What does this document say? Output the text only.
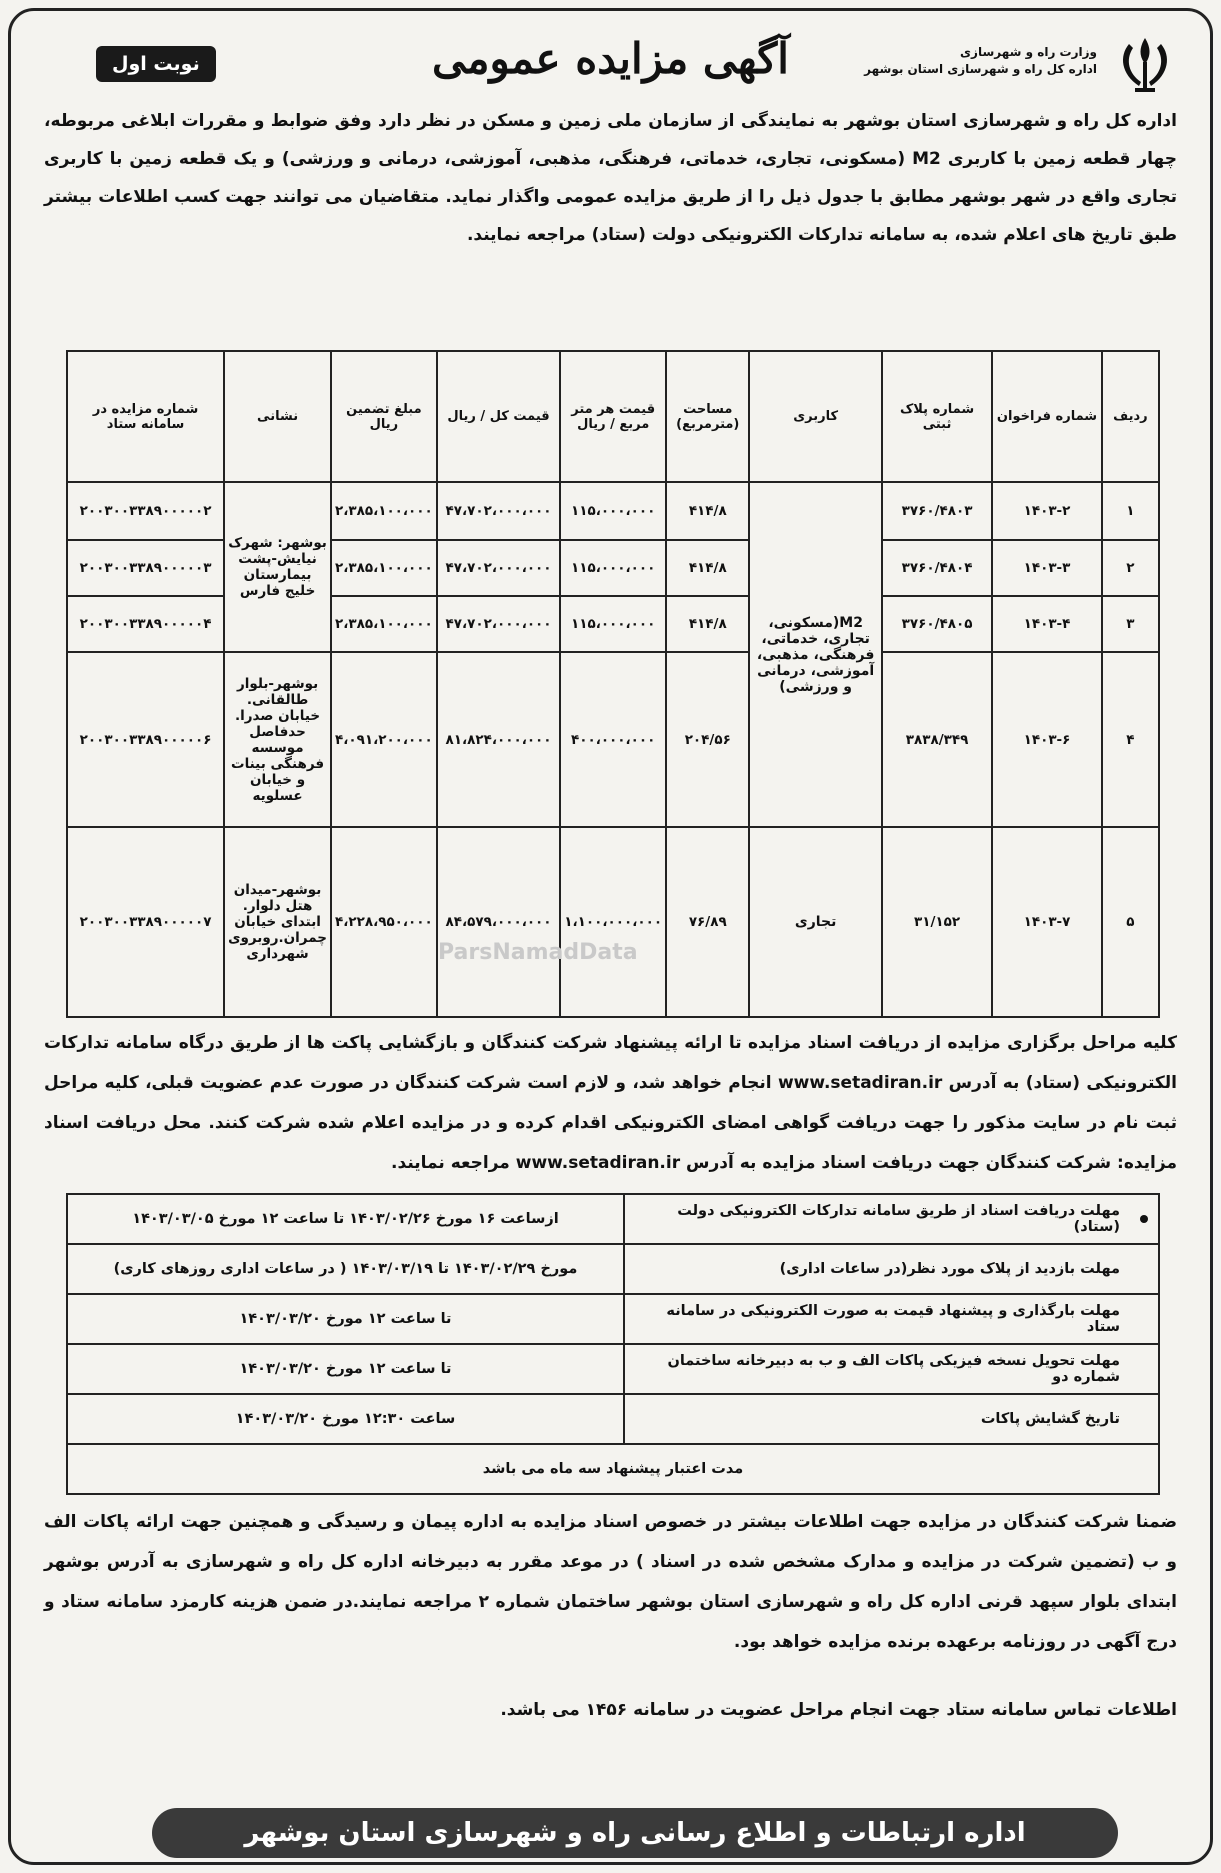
وزارت راه و شهرسازی
اداره کل راه و شهرسازی استان بوشهر
آگهی مزایده عمومی
نوبت اول
اداره کل راه و شهرسازی استان بوشهر به نمایندگی از سازمان ملی زمین و مسکن در نظر دارد وفق ضوابط و مقررات ابلاغی مربوطه، چهار قطعه زمین با کاربری M2 (مسکونی، تجاری، خدماتی، فرهنگی، مذهبی، آموزشی، درمانی و ورزشی) و یک قطعه زمین با کاربری تجاری واقع در شهر بوشهر مطابق با جدول ذیل را از طریق مزایده عمومی واگذار نماید. متقاضیان می توانند جهت کسب اطلاعات بیشتر طبق تاریخ های اعلام شده، به سامانه تدارکات الکترونیکی دولت (ستاد) مراجعه نمایند.
ردیف	شماره فراخوان	شماره پلاک ثبتی	کاربری	مساحت (مترمربع)	قیمت هر متر مربع / ریال	قیمت کل / ریال	مبلغ تضمین ریال	نشانی	شماره مزایده در سامانه ستاد
۱	۱۴۰۳-۲	۳۷۶۰/۴۸۰۳	M2(مسکونی، تجاری، خدماتی، فرهنگی، مذهبی، آموزشی، درمانی و ورزشی)	۴۱۴/۸	۱۱۵،۰۰۰،۰۰۰	۴۷،۷۰۲،۰۰۰،۰۰۰	۲،۳۸۵،۱۰۰،۰۰۰	بوشهر: شهرک نیایش-پشت بیمارستان خلیج فارس	۲۰۰۳۰۰۳۳۸۹۰۰۰۰۰۲
۲	۱۴۰۳-۳	۳۷۶۰/۴۸۰۴		۴۱۴/۸	۱۱۵،۰۰۰،۰۰۰	۴۷،۷۰۲،۰۰۰،۰۰۰	۲،۳۸۵،۱۰۰،۰۰۰		۲۰۰۳۰۰۳۳۸۹۰۰۰۰۰۳
۳	۱۴۰۳-۴	۳۷۶۰/۴۸۰۵		۴۱۴/۸	۱۱۵،۰۰۰،۰۰۰	۴۷،۷۰۲،۰۰۰،۰۰۰	۲،۳۸۵،۱۰۰،۰۰۰		۲۰۰۳۰۰۳۳۸۹۰۰۰۰۰۴
۴	۱۴۰۳-۶	۳۸۳۸/۳۴۹		۲۰۴/۵۶	۴۰۰،۰۰۰،۰۰۰	۸۱،۸۲۴،۰۰۰،۰۰۰	۴،۰۹۱،۲۰۰،۰۰۰	بوشهر-بلوار طالقانی. خیابان صدرا. حدفاصل موسسه فرهنگی بینات و خیابان عسلویه	۲۰۰۳۰۰۳۳۸۹۰۰۰۰۰۶
۵	۱۴۰۳-۷	۳۱/۱۵۲	تجاری	۷۶/۸۹	۱،۱۰۰،۰۰۰،۰۰۰	۸۴،۵۷۹،۰۰۰،۰۰۰	۴،۲۲۸،۹۵۰،۰۰۰	بوشهر-میدان هتل دلوار. ابتدای خیابان چمران.روبروی شهرداری	۲۰۰۳۰۰۳۳۸۹۰۰۰۰۰۷
ParsNamadData
کلیه مراحل برگزاری مزایده از دریافت اسناد مزایده تا ارائه پیشنهاد شرکت کنندگان و بازگشایی پاکت ها از طریق درگاه سامانه تدارکات الکترونیکی (ستاد) به آدرس www.setadiran.ir انجام خواهد شد، و لازم است شرکت کنندگان در صورت عدم عضویت قبلی، کلیه مراحل ثبت نام در سایت مذکور را جهت دریافت گواهی امضای الکترونیکی اقدام کرده و در مزایده اعلام شده شرکت کنند. محل دریافت اسناد مزایده: شرکت کنندگان جهت دریافت اسناد مزایده به آدرس www.setadiran.ir مراجعه نمایند.
مهلت دریافت اسناد از طریق سامانه تدارکات الکترونیکی دولت (ستاد)	ازساعت ۱۶ مورخ ۱۴۰۳/۰۲/۲۶ تا ساعت ۱۲ مورخ ۱۴۰۳/۰۳/۰۵
مهلت بازدید از پلاک مورد نظر(در ساعات اداری)	مورخ ۱۴۰۳/۰۲/۲۹ تا ۱۴۰۳/۰۳/۱۹ ( در ساعات اداری روزهای کاری)
مهلت بارگذاری و پیشنهاد قیمت به صورت الکترونیکی در سامانه ستاد	تا ساعت ۱۲ مورخ ۱۴۰۳/۰۳/۲۰
مهلت تحویل نسخه فیزیکی پاکات الف و ب به دبیرخانه ساختمان شماره دو	تا ساعت ۱۲ مورخ ۱۴۰۳/۰۳/۲۰
تاریخ گشایش پاکات	ساعت ۱۲:۳۰ مورخ ۱۴۰۳/۰۳/۲۰
مدت اعتبار پیشنهاد سه ماه می باشد	
ضمنا شرکت کنندگان در مزایده جهت اطلاعات بیشتر در خصوص اسناد مزایده به اداره پیمان و رسیدگی و همچنین جهت ارائه پاکات الف و ب (تضمین شرکت در مزایده و مدارک مشخص شده در اسناد ) در موعد مقرر به دبیرخانه اداره کل راه و شهرسازی به آدرس بوشهر ابتدای بلوار سپهد قرنی اداره کل راه و شهرسازی استان بوشهر ساختمان شماره ۲ مراجعه نمایند.در ضمن هزینه کارمزد سامانه ستاد و درج آگهی در روزنامه برعهده برنده مزایده خواهد بود.
اطلاعات تماس سامانه ستاد جهت انجام مراحل عضویت در سامانه ۱۴۵۶ می باشد.
اداره ارتباطات و اطلاع رسانی راه و شهرسازی استان بوشهر
